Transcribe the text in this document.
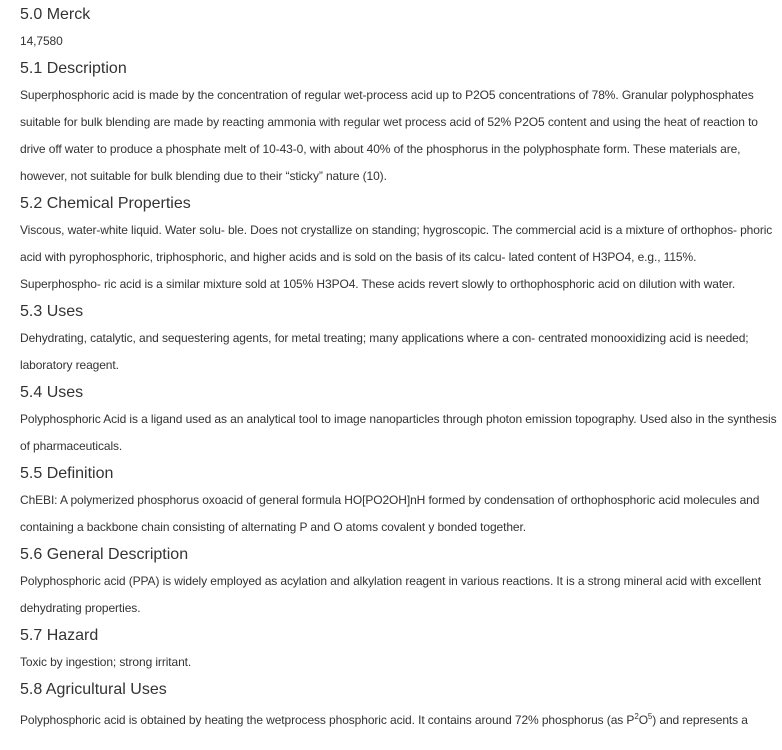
5.0 Merck

14,7580

5.1 Description

Superphosphoric acid is made by the concentration of regular wet-process acid up to P2O5 concentrations of 78%. Granular polyphosphates suitable for bulk blending are made by reacting ammonia with regular wet process acid of 52% P2O5 content and using the heat of reaction to drive off water to produce a phosphate melt of 10-43-0, with about 40% of the phosphorus in the polyphosphate form. These materials are, however, not suitable for bulk blending due to their “sticky” nature (10).

5.2 Chemical Properties

Viscous, water-white liquid. Water solu- ble. Does not crystallize on standing; hygroscopic. The commercial acid is a mixture of orthophos- phoric acid with pyrophosphoric, triphosphoric, and higher acids and is sold on the basis of its calcu- lated content of H3PO4, e.g., 115%. Superphospho- ric acid is a similar mixture sold at 105% H3PO4. These acids revert slowly to orthophosphoric acid on dilution with water.

5.3 Uses

Dehydrating, catalytic, and sequestering agents, for metal treating; many applications where a con- centrated monooxidizing acid is needed; laboratory reagent.

5.4 Uses

Polyphosphoric Acid is a ligand used as an analytical tool to image nanoparticles through photon emission topography. Used also in the synthesis of pharmaceuticals.

5.5 Definition

ChEBI: A polymerized phosphorus oxoacid of general formula HO[PO2OH]nH formed by condensation of orthophosphoric acid molecules and containing a backbone chain consisting of alternating P and O atoms covalent y bonded together.

5.6 General Description

Polyphosphoric acid (PPA) is widely employed as acylation and alkylation reagent in various reactions. It is a strong mineral acid with excellent dehydrating properties.

5.7 Hazard

Toxic by ingestion; strong irritant.

5.8 Agricultural Uses

Polyphosphoric acid is obtained by heating the wetprocess phosphoric acid. It contains around 72% phosphorus (as $P^2O^5$) and represents a
